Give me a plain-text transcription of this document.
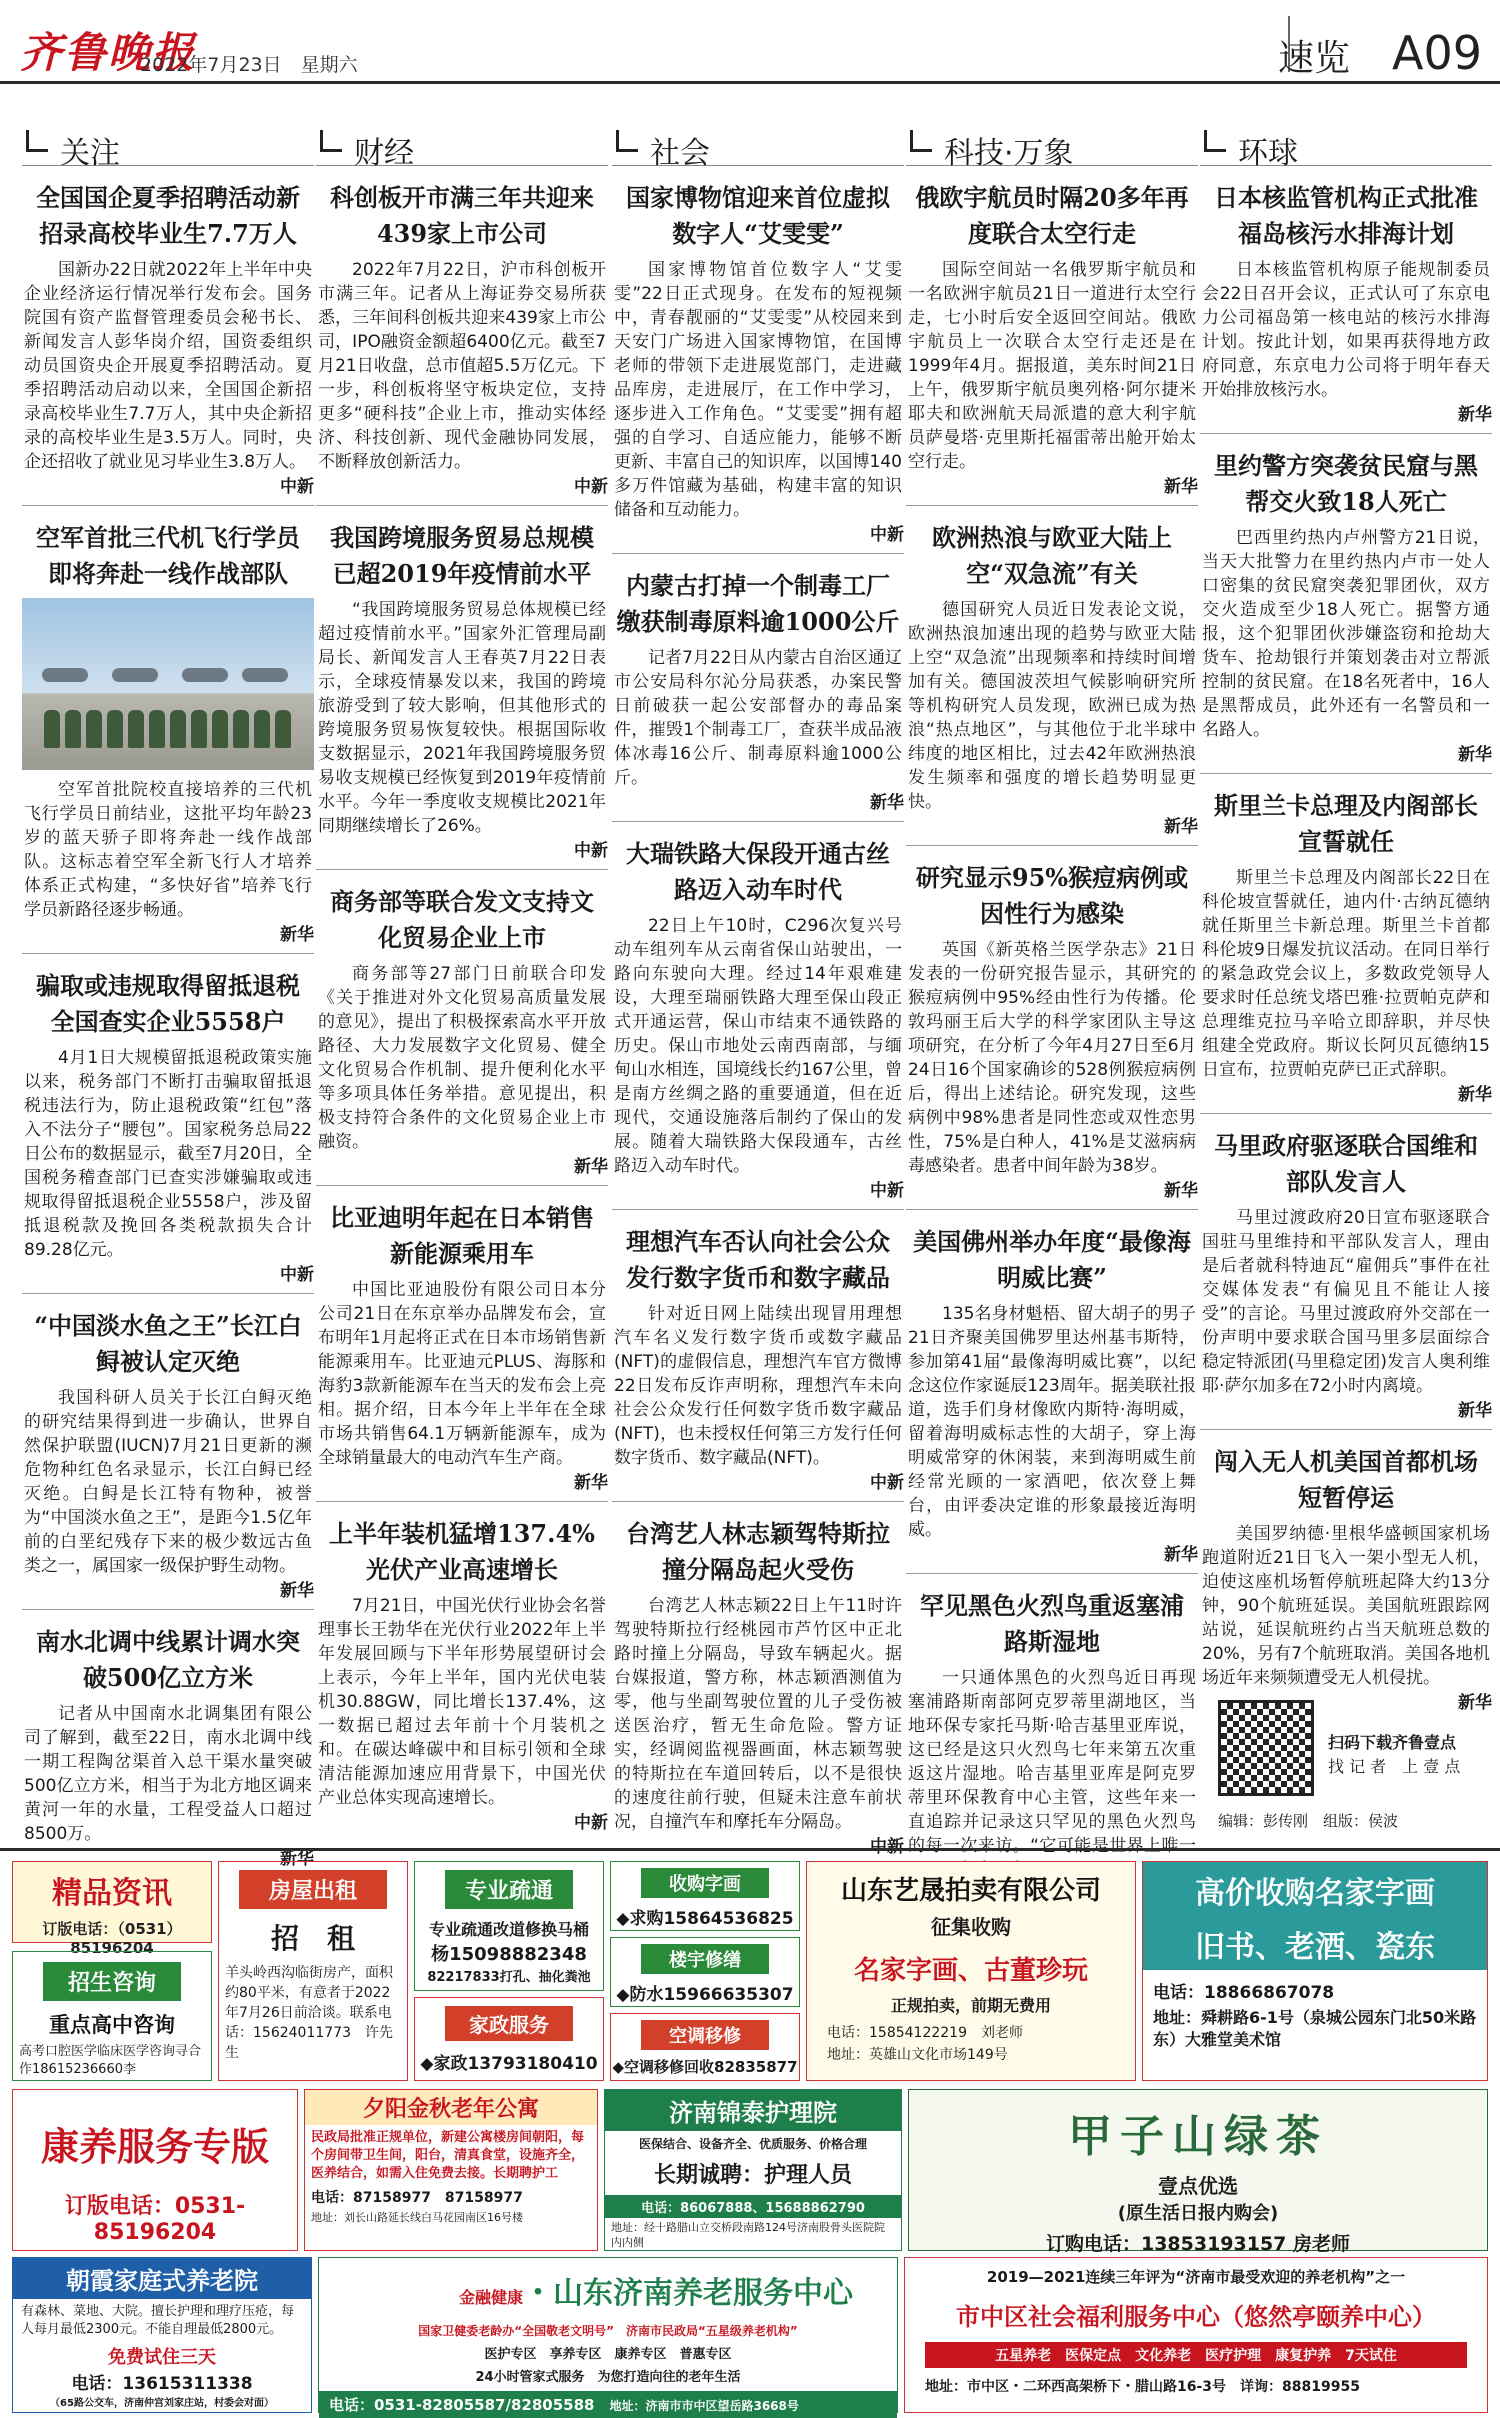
齐鲁晚报
2022年7月23日　星期六	速览 A09
关注
全国国企夏季招聘活动新招录高校毕业生7.7万人

国新办22日就2022年上半年中央企业经济运行情况举行发布会。国务院国有资产监督管理委员会秘书长、新闻发言人彭华岗介绍，国资委组织动员国资央企开展夏季招聘活动。夏季招聘活动启动以来，全国国企新招录高校毕业生7.7万人，其中央企新招录的高校毕业生是3.5万人。同时，央企还招收了就业见习毕业生3.8万人。

中新
空军首批三代机飞行学员即将奔赴一线作战部队

空军首批院校直接培养的三代机飞行学员日前结业，这批平均年龄23岁的蓝天骄子即将奔赴一线作战部队。这标志着空军全新飞行人才培养体系正式构建，“多快好省”培养飞行学员新路径逐步畅通。

新华
骗取或违规取得留抵退税全国查实企业5558户

4月1日大规模留抵退税政策实施以来，税务部门不断打击骗取留抵退税违法行为，防止退税政策“红包”落入不法分子“腰包”。国家税务总局22日公布的数据显示，截至7月20日，全国税务稽查部门已查实涉嫌骗取或违规取得留抵退税企业5558户，涉及留抵退税款及挽回各类税款损失合计89.28亿元。

中新
“中国淡水鱼之王”长江白鲟被认定灭绝

我国科研人员关于长江白鲟灭绝的研究结果得到进一步确认，世界自然保护联盟(IUCN)7月21日更新的濒危物种红色名录显示，长江白鲟已经灭绝。白鲟是长江特有物种，被誉为“中国淡水鱼之王”，是距今1.5亿年前的白垩纪残存下来的极少数远古鱼类之一，属国家一级保护野生动物。

新华
南水北调中线累计调水突破500亿立方米

记者从中国南水北调集团有限公司了解到，截至22日，南水北调中线一期工程陶岔渠首入总干渠水量突破500亿立方米，相当于为北方地区调来黄河一年的水量，工程受益人口超过8500万。

新华
财经
科创板开市满三年共迎来439家上市公司

2022年7月22日，沪市科创板开市满三年。记者从上海证券交易所获悉，三年间科创板共迎来439家上市公司，IPO融资金额超6400亿元。截至7月21日收盘，总市值超5.5万亿元。下一步，科创板将坚守板块定位，支持更多“硬科技”企业上市，推动实体经济、科技创新、现代金融协同发展，不断释放创新活力。

中新
我国跨境服务贸易总规模已超2019年疫情前水平

“我国跨境服务贸易总体规模已经超过疫情前水平。”国家外汇管理局副局长、新闻发言人王春英7月22日表示，全球疫情暴发以来，我国的跨境旅游受到了较大影响，但其他形式的跨境服务贸易恢复较快。根据国际收支数据显示，2021年我国跨境服务贸易收支规模已经恢复到2019年疫情前水平。今年一季度收支规模比2021年同期继续增长了26%。

中新
商务部等联合发文支持文化贸易企业上市

商务部等27部门日前联合印发《关于推进对外文化贸易高质量发展的意见》，提出了积极探索高水平开放路径、大力发展数字文化贸易、健全文化贸易合作机制、提升便利化水平等多项具体任务举措。意见提出，积极支持符合条件的文化贸易企业上市融资。

新华
比亚迪明年起在日本销售新能源乘用车

中国比亚迪股份有限公司日本分公司21日在东京举办品牌发布会，宣布明年1月起将正式在日本市场销售新能源乘用车。比亚迪元PLUS、海豚和海豹3款新能源车在当天的发布会上亮相。据介绍，日本今年上半年在全球市场共销售64.1万辆新能源车，成为全球销量最大的电动汽车生产商。

新华
上半年装机猛增137.4%光伏产业高速增长

7月21日，中国光伏行业协会名誉理事长王勃华在光伏行业2022年上半年发展回顾与下半年形势展望研讨会上表示，今年上半年，国内光伏电装机30.88GW，同比增长137.4%，这一数据已超过去年前十个月装机之和。在碳达峰碳中和目标引领和全球清洁能源加速应用背景下，中国光伏产业总体实现高速增长。

中新
社会
国家博物馆迎来首位虚拟数字人“艾雯雯”

国家博物馆首位数字人“艾雯雯”22日正式现身。在发布的短视频中，青春靓丽的“艾雯雯”从校园来到天安门广场进入国家博物馆，在国博老师的带领下走进展览部门，走进藏品库房，走进展厅，在工作中学习，逐步进入工作角色。“艾雯雯”拥有超强的自学习、自适应能力，能够不断更新、丰富自己的知识库，以国博140多万件馆藏为基础，构建丰富的知识储备和互动能力。

中新
内蒙古打掉一个制毒工厂缴获制毒原料逾1000公斤

记者7月22日从内蒙古自治区通辽市公安局科尔沁分局获悉，办案民警日前破获一起公安部督办的毒品案件，摧毁1个制毒工厂，查获半成品液体冰毒16公斤、制毒原料逾1000公斤。

新华
大瑞铁路大保段开通古丝路迈入动车时代

22日上午10时，C296次复兴号动车组列车从云南省保山站驶出，一路向东驶向大理。经过14年艰难建设，大理至瑞丽铁路大理至保山段正式开通运营，保山市结束不通铁路的历史。保山市地处云南西南部，与缅甸山水相连，国境线长约167公里，曾是南方丝绸之路的重要通道，但在近现代，交通设施落后制约了保山的发展。随着大瑞铁路大保段通车，古丝路迈入动车时代。

中新
理想汽车否认向社会公众发行数字货币和数字藏品

针对近日网上陆续出现冒用理想汽车名义发行数字货币或数字藏品(NFT)的虚假信息，理想汽车官方微博22日发布反诈声明称，理想汽车未向社会公众发行任何数字货币数字藏品(NFT)，也未授权任何第三方发行任何数字货币、数字藏品(NFT)。

中新
台湾艺人林志颖驾特斯拉撞分隔岛起火受伤

台湾艺人林志颖22日上午11时许驾驶特斯拉行经桃园市芦竹区中正北路时撞上分隔岛，导致车辆起火。据台媒报道，警方称，林志颖酒测值为零，他与坐副驾驶位置的儿子受伤被送医治疗，暂无生命危险。警方证实，经调阅监视器画面，林志颖驾驶的特斯拉在车道回转后，以不是很快的速度往前行驶，但疑未注意车前状况，自撞汽车和摩托车分隔岛。

中新
科技·万象
俄欧宇航员时隔20多年再度联合太空行走

国际空间站一名俄罗斯宇航员和一名欧洲宇航员21日一道进行太空行走，七小时后安全返回空间站。俄欧宇航员上一次联合太空行走还是在1999年4月。据报道，美东时间21日上午，俄罗斯宇航员奥列格·阿尔捷米耶夫和欧洲航天局派遣的意大利宇航员萨曼塔·克里斯托福雷蒂出舱开始太空行走。

新华
欧洲热浪与欧亚大陆上空“双急流”有关

德国研究人员近日发表论文说，欧洲热浪加速出现的趋势与欧亚大陆上空“双急流”出现频率和持续时间增加有关。德国波茨坦气候影响研究所等机构研究人员发现，欧洲已成为热浪“热点地区”，与其他位于北半球中纬度的地区相比，过去42年欧洲热浪发生频率和强度的增长趋势明显更快。

新华
研究显示95%猴痘病例或因性行为感染

英国《新英格兰医学杂志》21日发表的一份研究报告显示，其研究的猴痘病例中95%经由性行为传播。伦敦玛丽王后大学的科学家团队主导这项研究，在分析了今年4月27日至6月24日16个国家确诊的528例猴痘病例后，得出上述结论。研究发现，这些病例中98%患者是同性恋或双性恋男性，75%是白种人，41%是艾滋病病毒感染者。患者中间年龄为38岁。

新华
美国佛州举办年度“最像海明威比赛”

135名身材魁梧、留大胡子的男子21日齐聚美国佛罗里达州基韦斯特，参加第41届“最像海明威比赛”，以纪念这位作家诞辰123周年。据美联社报道，选手们身材像欧内斯特·海明威，留着海明威标志性的大胡子，穿上海明威常穿的休闲装，来到海明威生前经常光顾的一家酒吧，依次登上舞台，由评委决定谁的形象最接近海明威。

新华
罕见黑色火烈鸟重返塞浦路斯湿地

一只通体黑色的火烈鸟近日再现塞浦路斯南部阿克罗蒂里湖地区，当地环保专家托马斯·哈吉基里亚库说，这已经是这只火烈鸟七年来第五次重返这片湿地。哈吉基里亚库是阿克罗蒂里环保教育中心主管，这些年来一直追踪并记录这只罕见的黑色火烈鸟的每一次来访。“它可能是世界上唯一

环球
日本核监管机构正式批准福岛核污水排海计划

日本核监管机构原子能规制委员会22日召开会议，正式认可了东京电力公司福岛第一核电站的核污水排海计划。按此计划，如果再获得地方政府同意，东京电力公司将于明年春天开始排放核污水。

新华
里约警方突袭贫民窟与黑帮交火致18人死亡

巴西里约热内卢州警方21日说，当天大批警力在里约热内卢市一处人口密集的贫民窟突袭犯罪团伙，双方交火造成至少18人死亡。据警方通报，这个犯罪团伙涉嫌盗窃和抢劫大货车、抢劫银行并策划袭击对立帮派控制的贫民窟。在18名死者中，16人是黑帮成员，此外还有一名警员和一名路人。

新华
斯里兰卡总理及内阁部长宣誓就任

斯里兰卡总理及内阁部长22日在科伦坡宣誓就任，迪内什·古纳瓦德纳就任斯里兰卡新总理。斯里兰卡首都科伦坡9日爆发抗议活动。在同日举行的紧急政党会议上，多数政党领导人要求时任总统戈塔巴雅·拉贾帕克萨和总理维克拉马辛哈立即辞职，并尽快组建全党政府。斯议长阿贝瓦德纳15日宣布，拉贾帕克萨已正式辞职。

新华
马里政府驱逐联合国维和部队发言人

马里过渡政府20日宣布驱逐联合国驻马里维持和平部队发言人，理由是后者就科特迪瓦“雇佣兵”事件在社交媒体发表“有偏见且不能让人接受”的言论。马里过渡政府外交部在一份声明中要求联合国马里多层面综合稳定特派团(马里稳定团)发言人奥利维耶·萨尔加多在72小时内离境。

新华
闯入无人机美国首都机场短暂停运

美国罗纳德·里根华盛顿国家机场跑道附近21日飞入一架小型无人机，迫使这座机场暂停航班起降大约13分钟，90个航班延误。美国航班跟踪网站说，延误航班约占当天航班总数的20%，另有7个航班取消。美国各地机场近年来频频遭受无人机侵扰。

新华
扫码下载齐鲁壹点
找 记 者　上 壹 点
编辑：彭传刚　组版：侯波
精品资讯
订版电话：（0531）85196204
招生咨询
重点高中咨询
高考口腔医学临床医学咨询寻合作18615236660李
房屋出租
招　租
羊头岭西沟临街房产，面积约80平米，有意者于2022年7月26日前洽谈。联系电话：15624011773　许先生
专业疏通
专业疏通改道修换马桶
杨15098882348
82217833打孔、抽化粪池
家政服务
◆家政13793180410
收购字画
◆求购15864536825
楼宇修缮
◆防水15966635307
空调移修
◆空调移修回收82835877
山东艺晟拍卖有限公司
征集收购
名家字画、古董珍玩
正规拍卖，前期无费用
电话：15854122219　刘老师
地址：英雄山文化市场149号
高价收购名家字画
旧书、老酒、瓷东
电话：18866867078
地址：舜耕路6-1号（泉城公园东门北50米路东）大雅堂美术馆
康养服务专版
订版电话：0531-85196204
夕阳金秋老年公寓
民政局批准正规单位，新建公寓楼房间朝阳，每个房间带卫生间，阳台，清真食堂，设施齐全，医养结合，如需入住免费去接。长期聘护工
电话：87158977　87158977
地址：刘长山路延长线白马花园南区16号楼
济南锦泰护理院
医保结合、设备齐全、优质服务、价格合理
长期诚聘：护理人员
电话：86067888、15688862790
地址：经十路腊山立交桥段南路124号济南股骨头医院院内内侧
甲子山绿茶
壹点优选
(原生活日报内购会)
订购电话：13853193157 房老师
朝霞家庭式养老院
有森林、菜地、大院。擅长护理和理疗压疮，每人每月最低2300元。不能自理最低2800元。
免费试住三天
电话：13615311338
（65路公交车，济南仲宫刘家庄站，村委会对面）
金融健康・山东济南养老服务中心
国家卫健委老龄办“全国敬老文明号”　济南市民政局“五星级养老机构”
医护专区　享养专区　康养专区　普惠专区
24小时管家式服务　为您打造向往的老年生活
电话：0531-82805587/82805588　 地址：济南市市中区望岳路3668号
2019—2021连续三年评为“济南市最受欢迎的养老机构”之一
市中区社会福利服务中心（悠然亭颐养中心）
五星养老　医保定点　文化养老　医疗护理　康复护养　7天试住
地址：市中区・二环西高架桥下・腊山路16-3号　 详询：88819955
